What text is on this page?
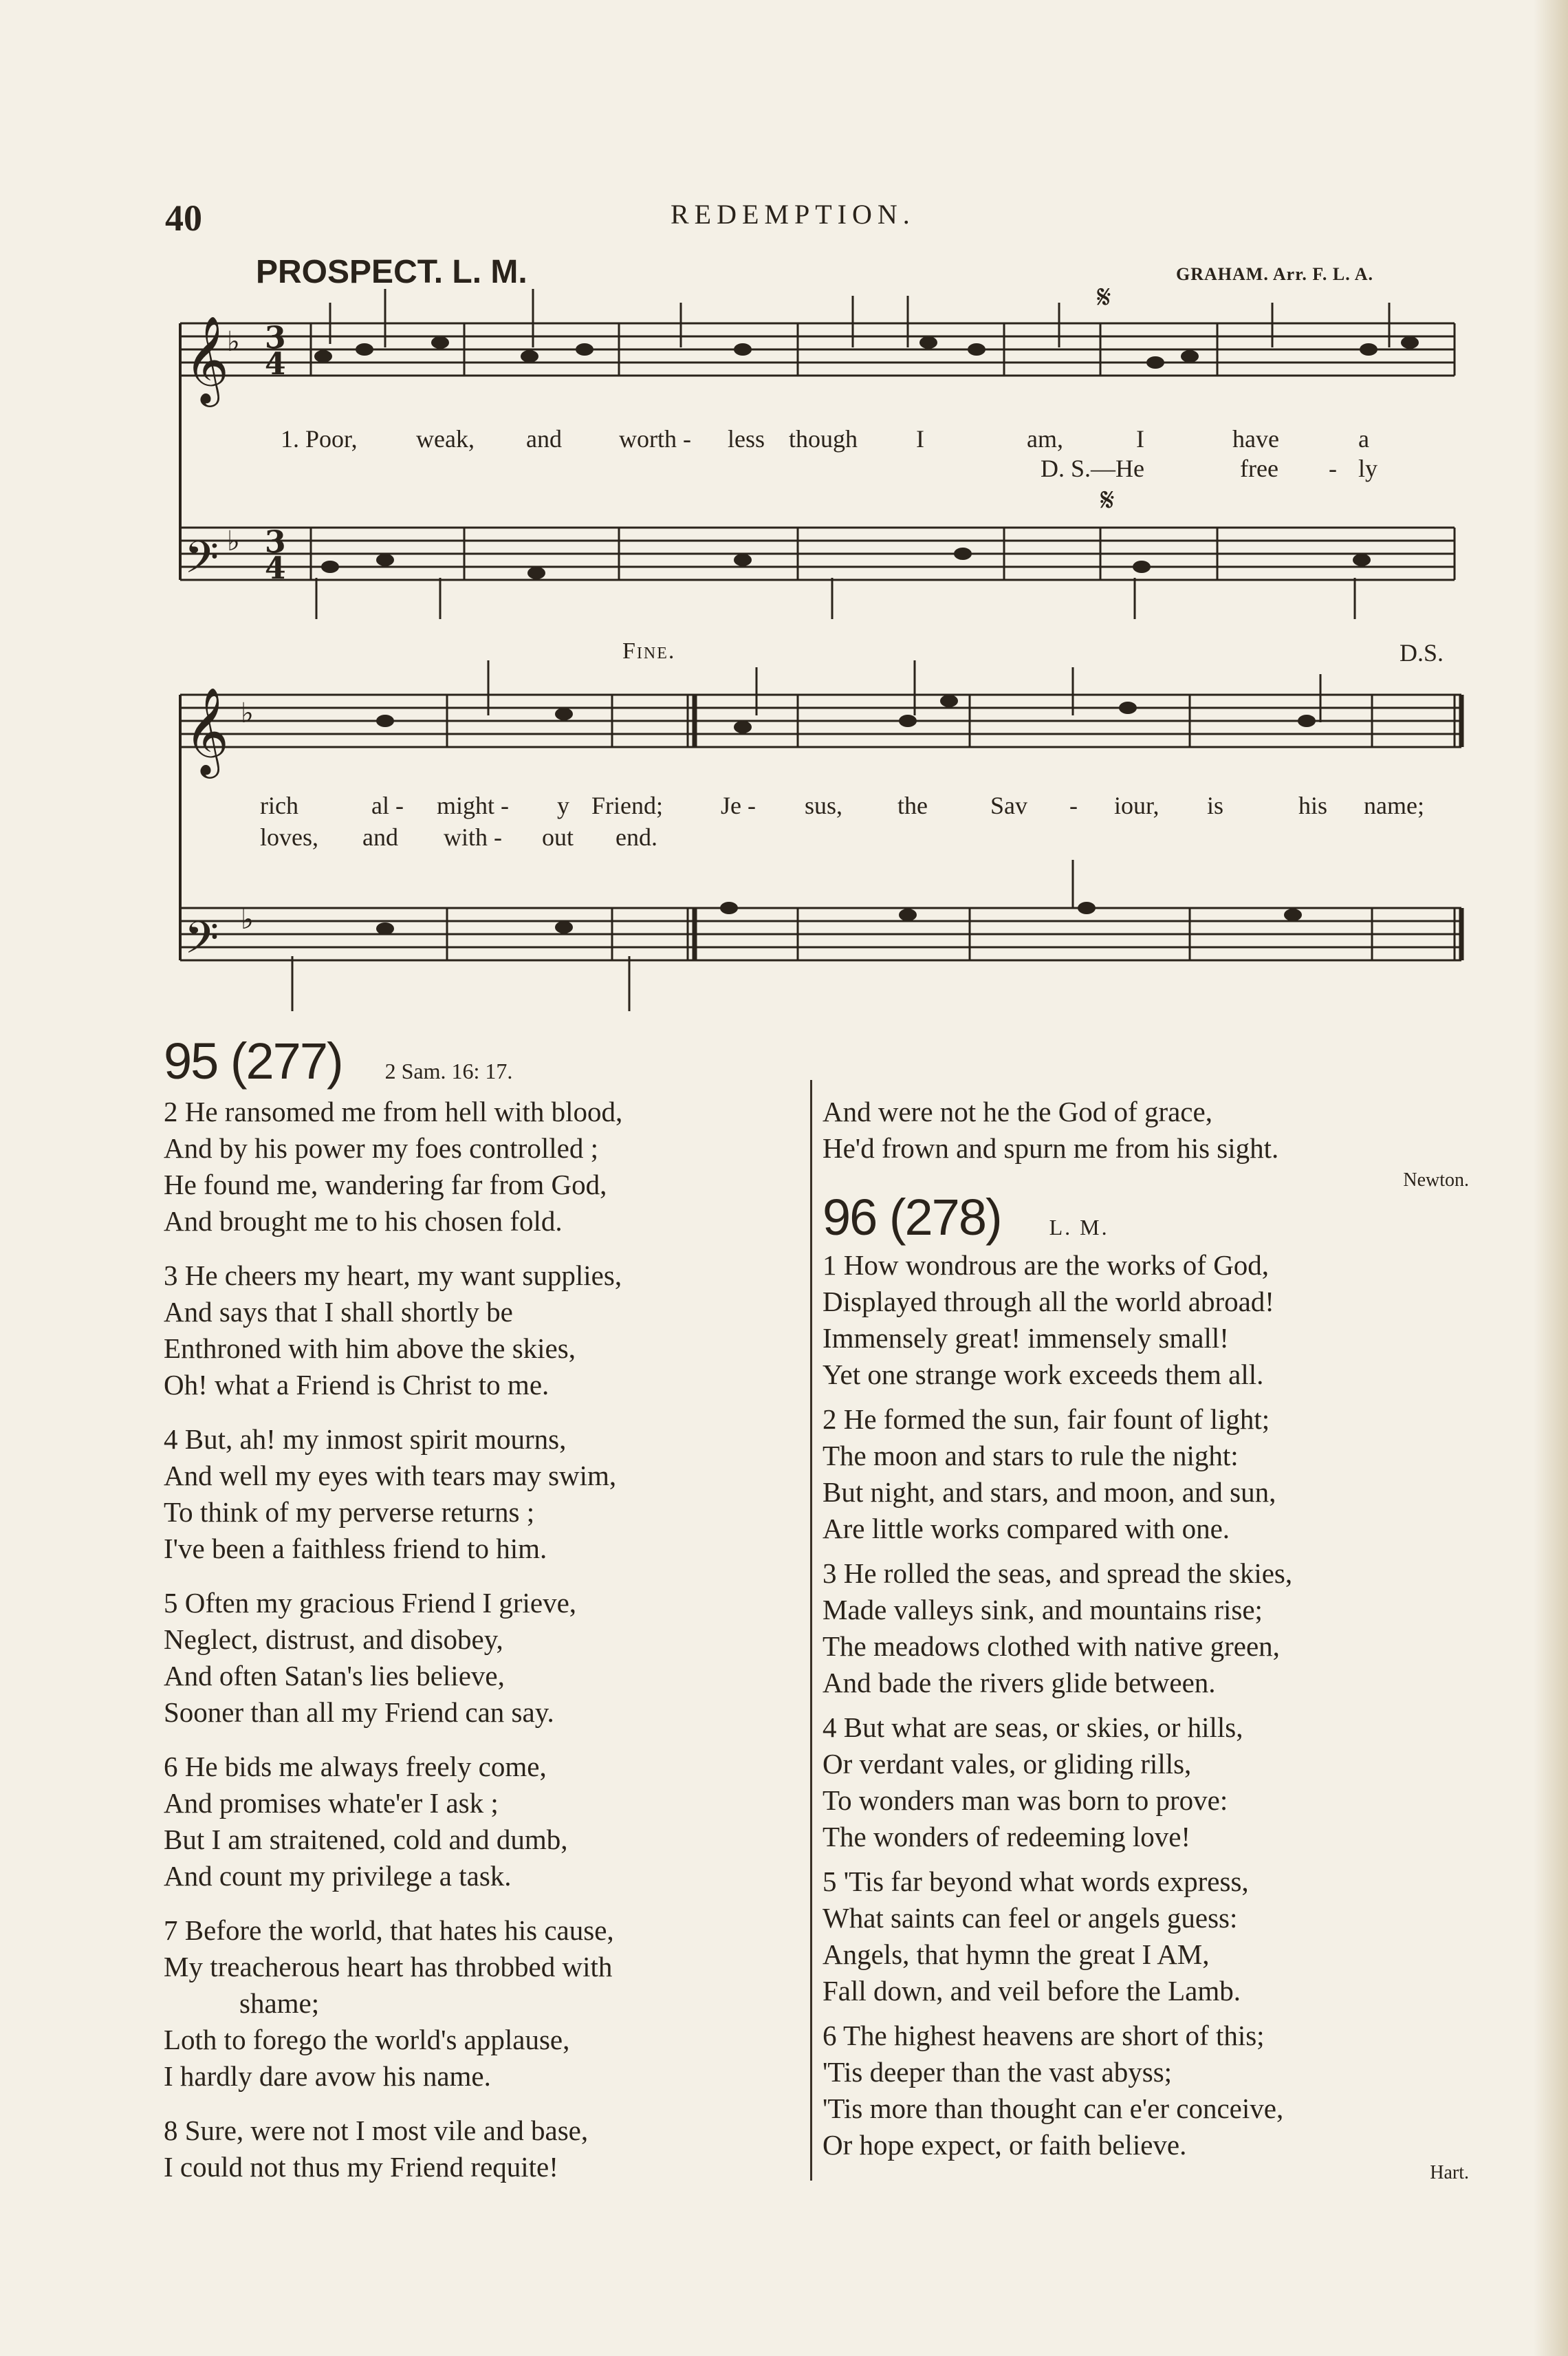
40	REDEMPTION.
PROSPECT. L. M.	GRAHAM. Arr. F. L. A.
𝄞
𝄢
𝄞
𝄢
♭
♭
♭
♭
3
4
3
4
𝄋
𝄋
Fine.	D.S.
1. Poor, weak, and worth - less though I	am,	I	have	a
D. S.—He	free - ly
rich	al - might - y Friend; Je - sus, the	Sav - iour, is	his name;
loves, and with - out end.
95 (277) 2 Sam. 16: 17.
2 He ransomed me from hell with blood,
And by his power my foes controlled ;
He found me, wandering far from God,
And brought me to his chosen fold.
3 He cheers my heart, my want supplies,
And says that I shall shortly be
Enthroned with him above the skies,
Oh! what a Friend is Christ to me.
4 But, ah! my inmost spirit mourns,
And well my eyes with tears may swim,
To think of my perverse returns ;
I've been a faithless friend to him.
5 Often my gracious Friend I grieve,
Neglect, distrust, and disobey,
And often Satan's lies believe,
Sooner than all my Friend can say.
6 He bids me always freely come,
And promises whate'er I ask ;
But I am straitened, cold and dumb,
And count my privilege a task.
7 Before the world, that hates his cause,
My treacherous heart has throbbed with
shame;
Loth to forego the world's applause,
I hardly dare avow his name.
8 Sure, were not I most vile and base,
I could not thus my Friend requite!
And were not he the God of grace,
He'd frown and spurn me from his sight.
Newton.
96 (278) L. M.
1 How wondrous are the works of God,
Displayed through all the world abroad!
Immensely great! immensely small!
Yet one strange work exceeds them all.
2 He formed the sun, fair fount of light;
The moon and stars to rule the night:
But night, and stars, and moon, and sun,
Are little works compared with one.
3 He rolled the seas, and spread the skies,
Made valleys sink, and mountains rise;
The meadows clothed with native green,
And bade the rivers glide between.
4 But what are seas, or skies, or hills,
Or verdant vales, or gliding rills,
To wonders man was born to prove:
The wonders of redeeming love!
5 'Tis far beyond what words express,
What saints can feel or angels guess:
Angels, that hymn the great I AM,
Fall down, and veil before the Lamb.
6 The highest heavens are short of this;
'Tis deeper than the vast abyss;
'Tis more than thought can e'er conceive,
Or hope expect, or faith believe.
Hart.
